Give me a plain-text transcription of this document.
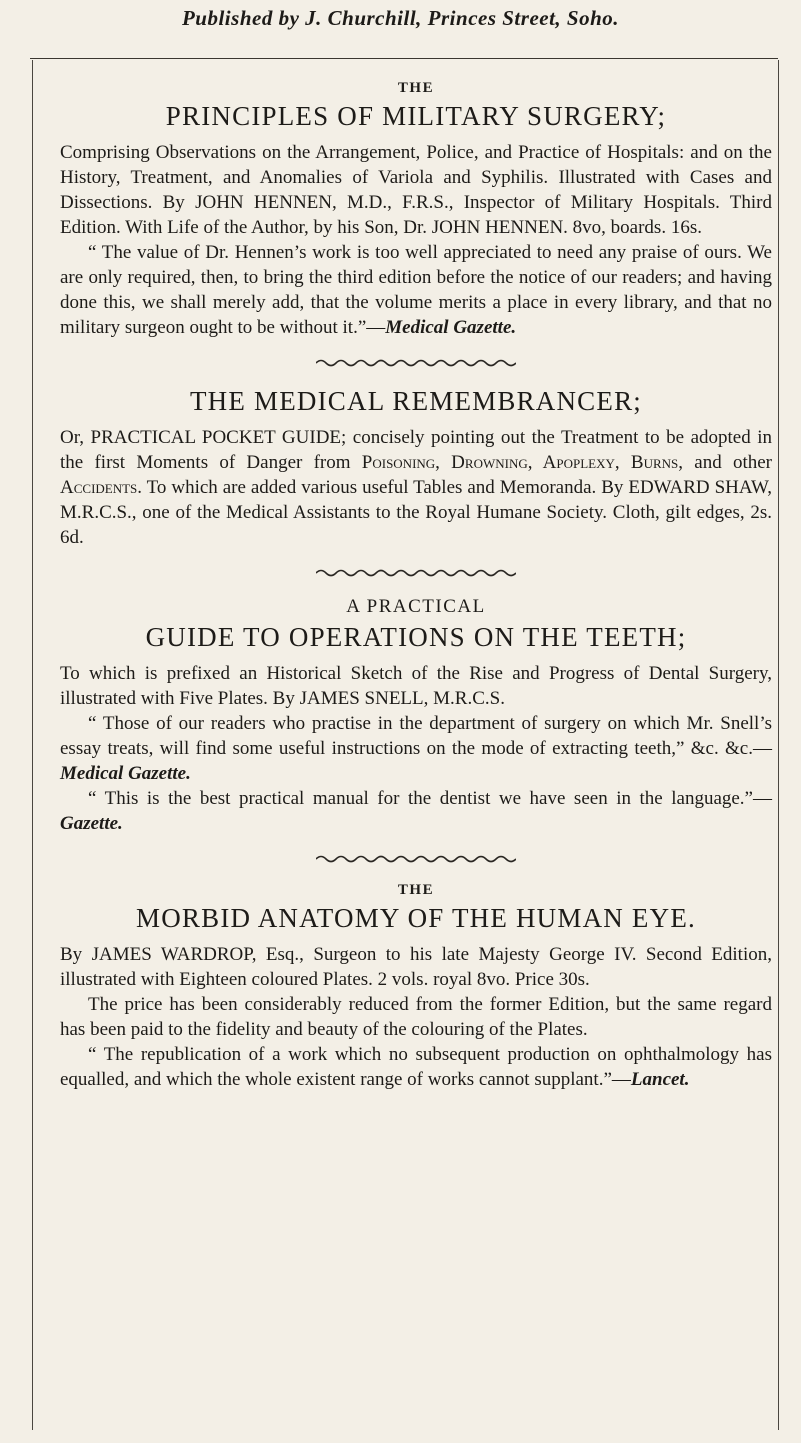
Published by J. Churchill, Princes Street, Soho.
THE
PRINCIPLES OF MILITARY SURGERY;

Comprising Observations on the Arrangement, Police, and Practice of Hospitals: and on the History, Treatment, and Anomalies of Variola and Syphilis. Illustrated with Cases and Dissections. By JOHN HENNEN, M.D., F.R.S., Inspector of Military Hospitals. Third Edition. With Life of the Author, by his Son, Dr. JOHN HENNEN. 8vo, boards. 16s.

“ The value of Dr. Hennen’s work is too well appreciated to need any praise of ours. We are only required, then, to bring the third edition before the notice of our readers; and having done this, we shall merely add, that the volume merits a place in every library, and that no military surgeon ought to be without it.”—Medical Gazette.

THE MEDICAL REMEMBRANCER;

Or, PRACTICAL POCKET GUIDE; concisely pointing out the Treatment to be adopted in the first Moments of Danger from Poisoning, Drowning, Apoplexy, Burns, and other Accidents. To which are added various useful Tables and Memoranda. By EDWARD SHAW, M.R.C.S., one of the Medical Assistants to the Royal Humane Society. Cloth, gilt edges, 2s. 6d.

A PRACTICAL
GUIDE TO OPERATIONS ON THE TEETH;

To which is prefixed an Historical Sketch of the Rise and Progress of Dental Surgery, illustrated with Five Plates. By JAMES SNELL, M.R.C.S.

“ Those of our readers who practise in the department of surgery on which Mr. Snell’s essay treats, will find some useful instructions on the mode of extracting teeth,” &c. &c.—Medical Gazette.

“ This is the best practical manual for the dentist we have seen in the language.”—Gazette.

THE
MORBID ANATOMY OF THE HUMAN EYE.

By JAMES WARDROP, Esq., Surgeon to his late Majesty George IV. Second Edition, illustrated with Eighteen coloured Plates. 2 vols. royal 8vo. Price 30s.

The price has been considerably reduced from the former Edition, but the same regard has been paid to the fidelity and beauty of the colouring of the Plates.

“ The republication of a work which no subsequent production on ophthalmology has equalled, and which the whole existent range of works cannot supplant.”—Lancet.
